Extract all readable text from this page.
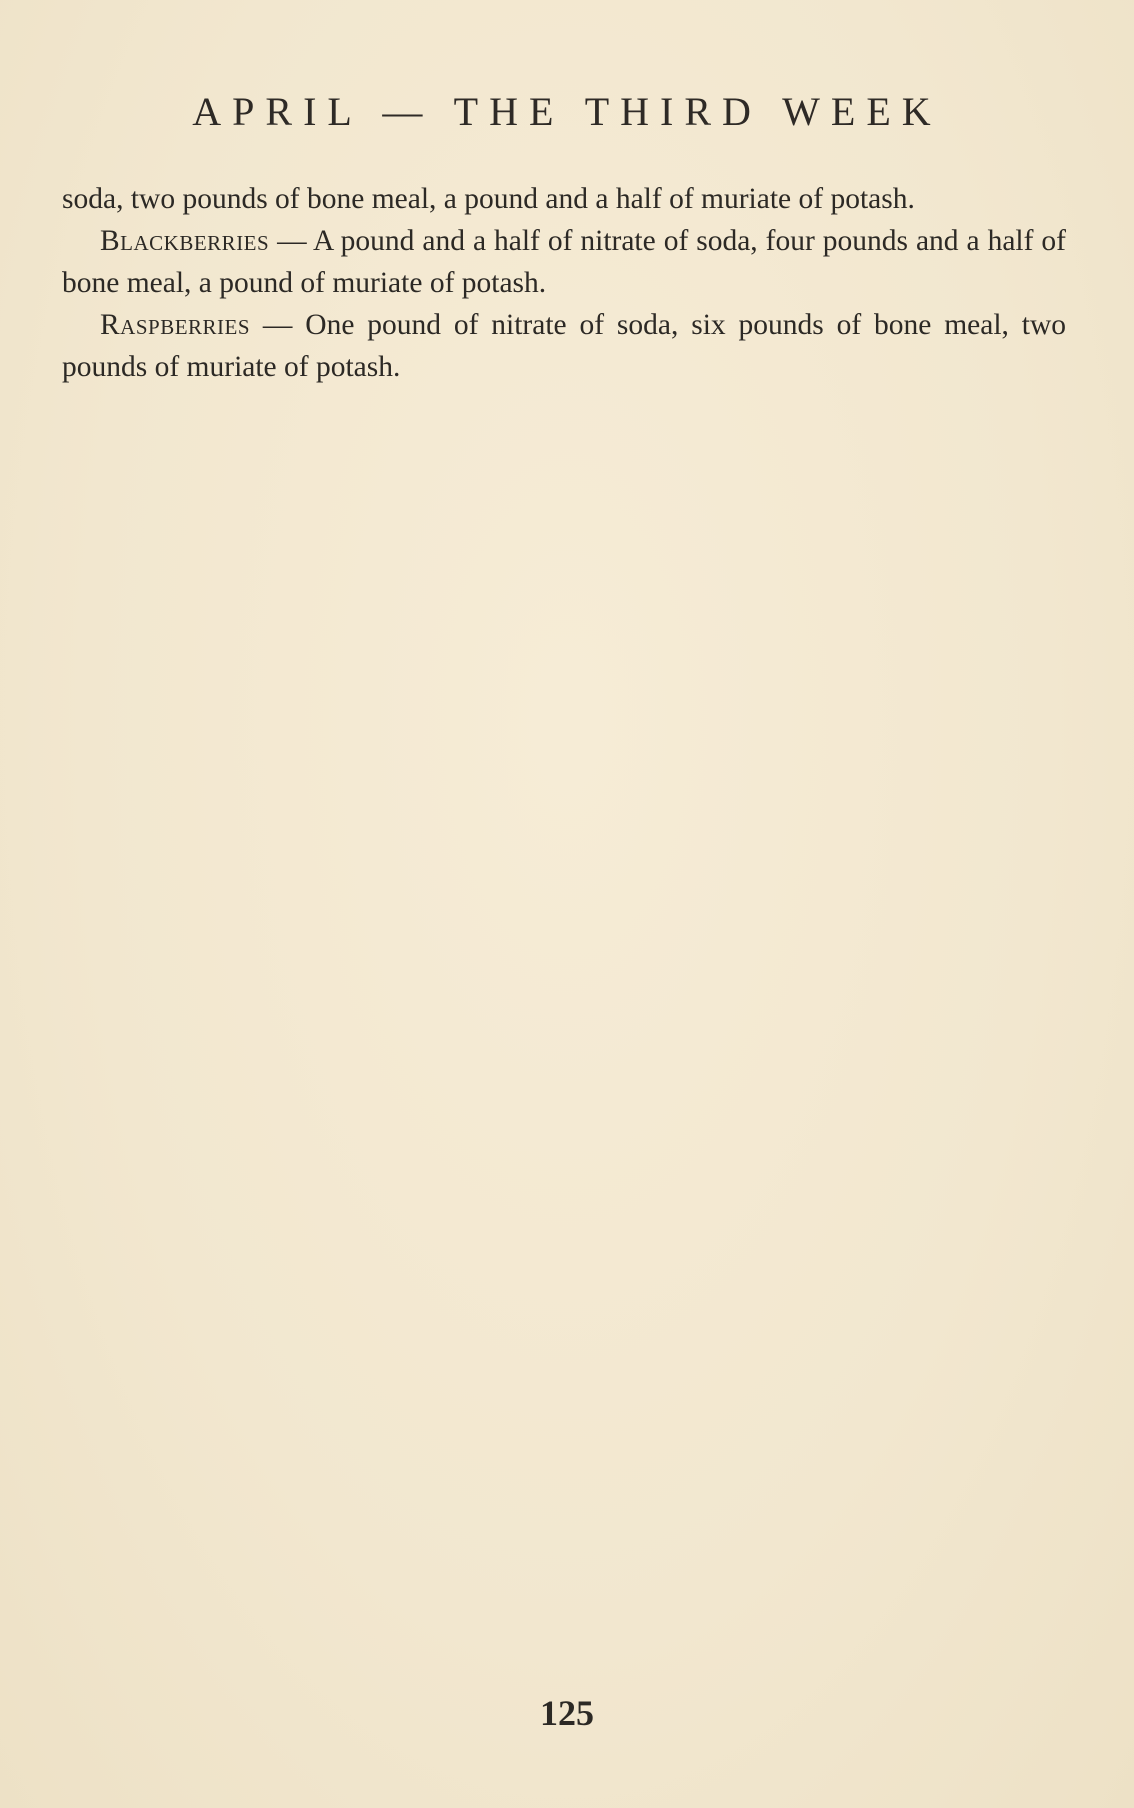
APRIL — THE THIRD WEEK

soda, two pounds of bone meal, a pound and a half of muriate of potash.

Blackberries — A pound and a half of nitrate of soda, four pounds and a half of bone meal, a pound of muriate of potash.

Raspberries — One pound of nitrate of soda, six pounds of bone meal, two pounds of muriate of potash.

125
